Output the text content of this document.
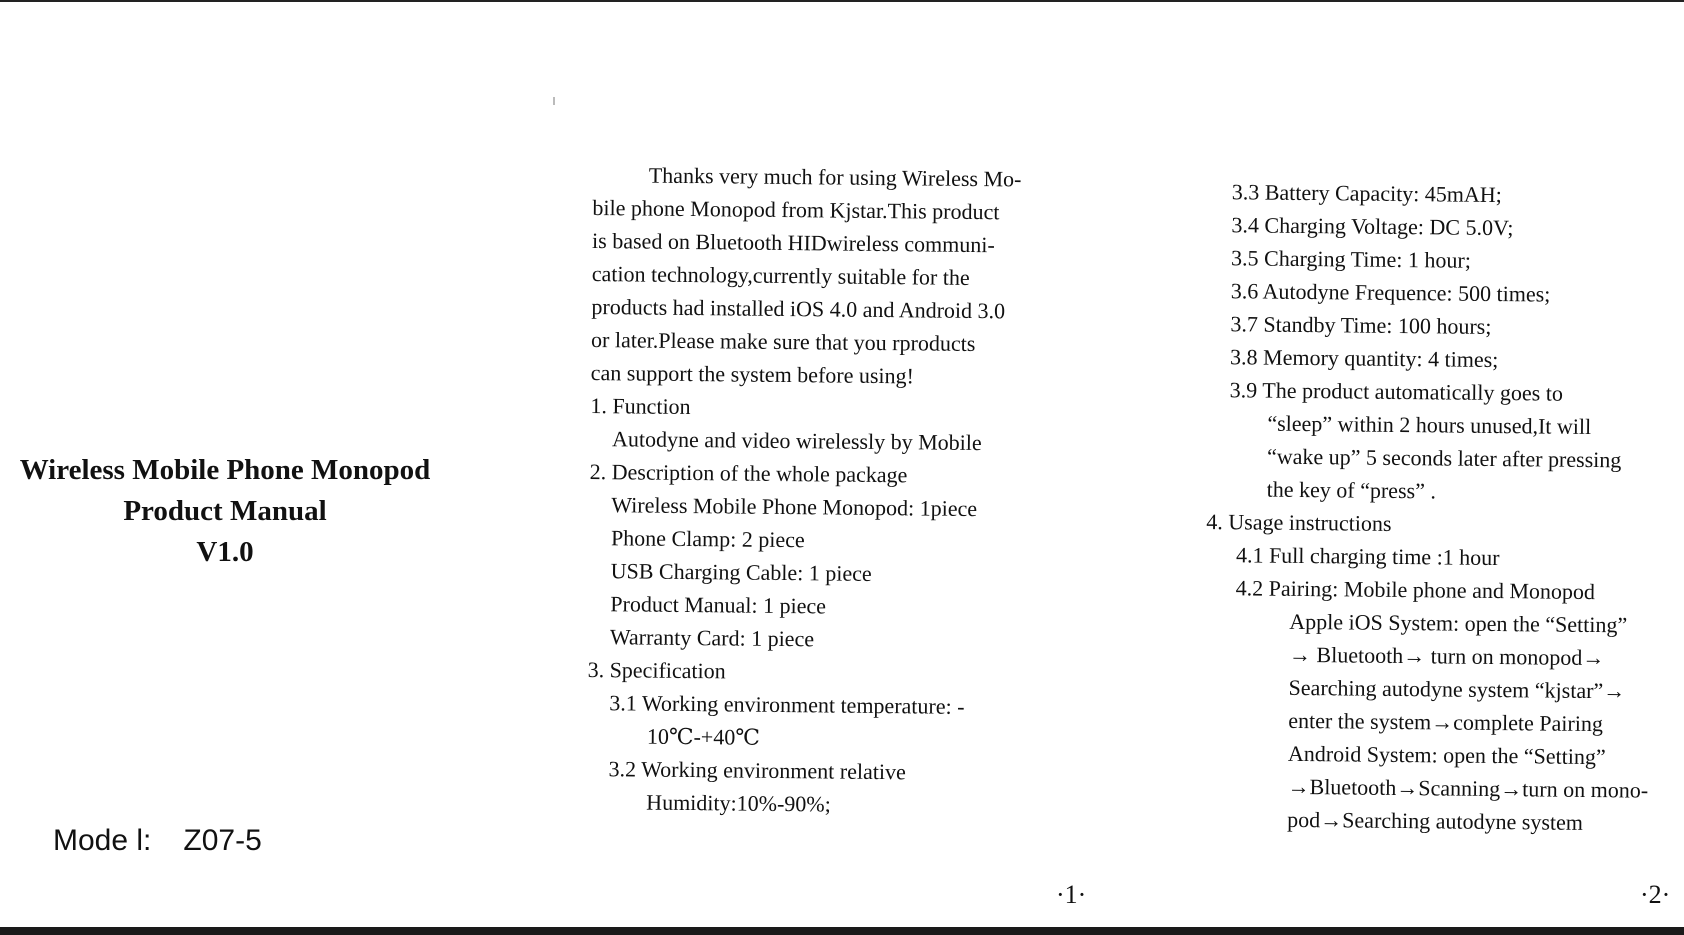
Wireless Mobile Phone Monopod
Product Manual
V1.0
Mode l: Z07-5
Thanks very much for using Wireless Mo-
bile phone Monopod from Kjstar.This product
is based on Bluetooth HIDwireless communi-
cation technology,currently suitable for the
products had installed iOS 4.0 and Android 3.0
or later.Please make sure that you rproducts
can support the system before using!
1. Function
Autodyne and video wirelessly by Mobile
2. Description of the whole package
Wireless Mobile Phone Monopod: 1piece
Phone Clamp: 2 piece
USB Charging Cable: 1 piece
Product Manual: 1 piece
Warranty Card: 1 piece
3. Specification
3.1 Working environment temperature: -
10℃-+40℃
3.2 Working environment relative
Humidity:10%-90%;
3.3 Battery Capacity: 45mAH;
3.4 Charging Voltage: DC 5.0V;
3.5 Charging Time: 1 hour;
3.6 Autodyne Frequence: 500 times;
3.7 Standby Time: 100 hours;
3.8 Memory quantity: 4 times;
3.9 The product automatically goes to
“sleep” within 2 hours unused,It will
“wake up” 5 seconds later after pressing
the key of “press” .
4. Usage instructions
4.1 Full charging time :1 hour
4.2 Pairing: Mobile phone and Monopod
Apple iOS System: open the “Setting”
→ Bluetooth→ turn on monopod→
Searching autodyne system “kjstar”→
enter the system→complete Pairing
Android System: open the “Setting”
→Bluetooth→Scanning→turn on mono-
pod→Searching autodyne system
·1·	·2·
